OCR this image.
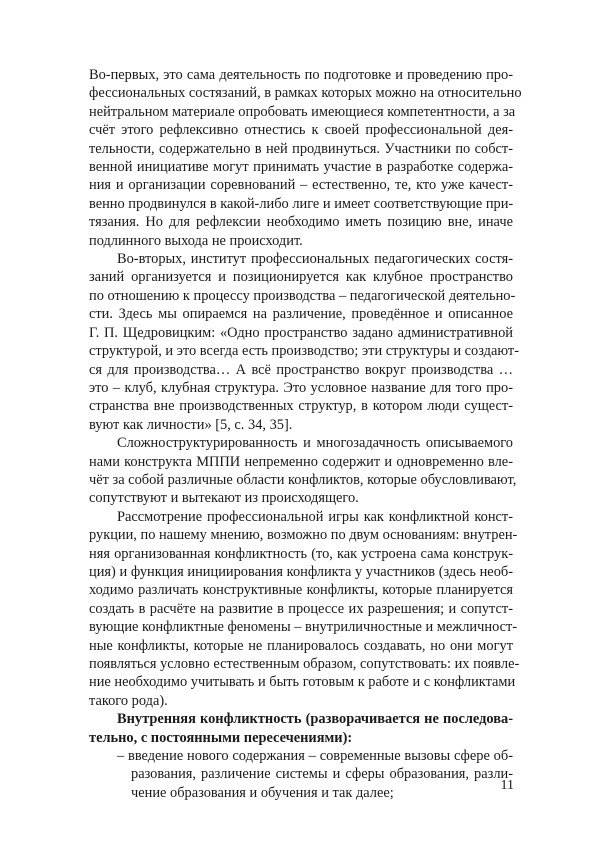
Во-первых, это сама деятельность по подготовке и проведению про-

фессиональных состязаний, в рамках которых можно на относительно

нейтральном материале опробовать имеющиеся компетентности, а за

счёт этого рефлексивно отнестись к своей профессиональной дея-

тельности, содержательно в ней продвинуться. Участники по собст-

венной инициативе могут принимать участие в разработке содержа-

ния и организации соревнований – естественно, те, кто уже качест-

венно продвинулся в какой-либо лиге и имеет соответствующие при-

тязания. Но для рефлексии необходимо иметь позицию вне, иначе

подлинного выхода не происходит.

Во-вторых, институт профессиональных педагогических состя-

заний организуется и позиционируется как клубное пространство

по отношению к процессу производства – педагогической деятельно-

сти. Здесь мы опираемся на различение, проведённое и описанное

Г. П. Щедровицким: «Одно пространство задано административной

структурой, и это всегда есть производство; эти структуры и создают-

ся для производства… А всё пространство вокруг производства …

это – клуб, клубная структура. Это условное название для того про-

странства вне производственных структур, в котором люди сущест-

вуют как личности» [5, с. 34, 35].

Сложноструктурированность и многозадачность описываемого

нами конструкта МППИ непременно содержит и одновременно вле-

чёт за собой различные области конфликтов, которые обусловливают,

сопутствуют и вытекают из происходящего.

Рассмотрение профессиональной игры как конфликтной конст-

рукции, по нашему мнению, возможно по двум основаниям: внутрен-

няя организованная конфликтность (то, как устроена сама конструк-

ция) и функция инициирования конфликта у участников (здесь необ-

ходимо различать конструктивные конфликты, которые планируется

создать в расчёте на развитие в процессе их разрешения; и сопутст-

вующие конфликтные феномены – внутриличностные и межличност-

ные конфликты, которые не планировалось создавать, но они могут

появляться условно естественным образом, сопутствовать: их появле-

ние необходимо учитывать и быть готовым к работе и с конфликтами

такого рода).

Внутренняя конфликтность (разворачивается не последова-

тельно, с постоянными пересечениями):

– введение нового содержания – современные вызовы сфере об-

разования, различение системы и сферы образования, разли-

чение образования и обучения и так далее;	11
